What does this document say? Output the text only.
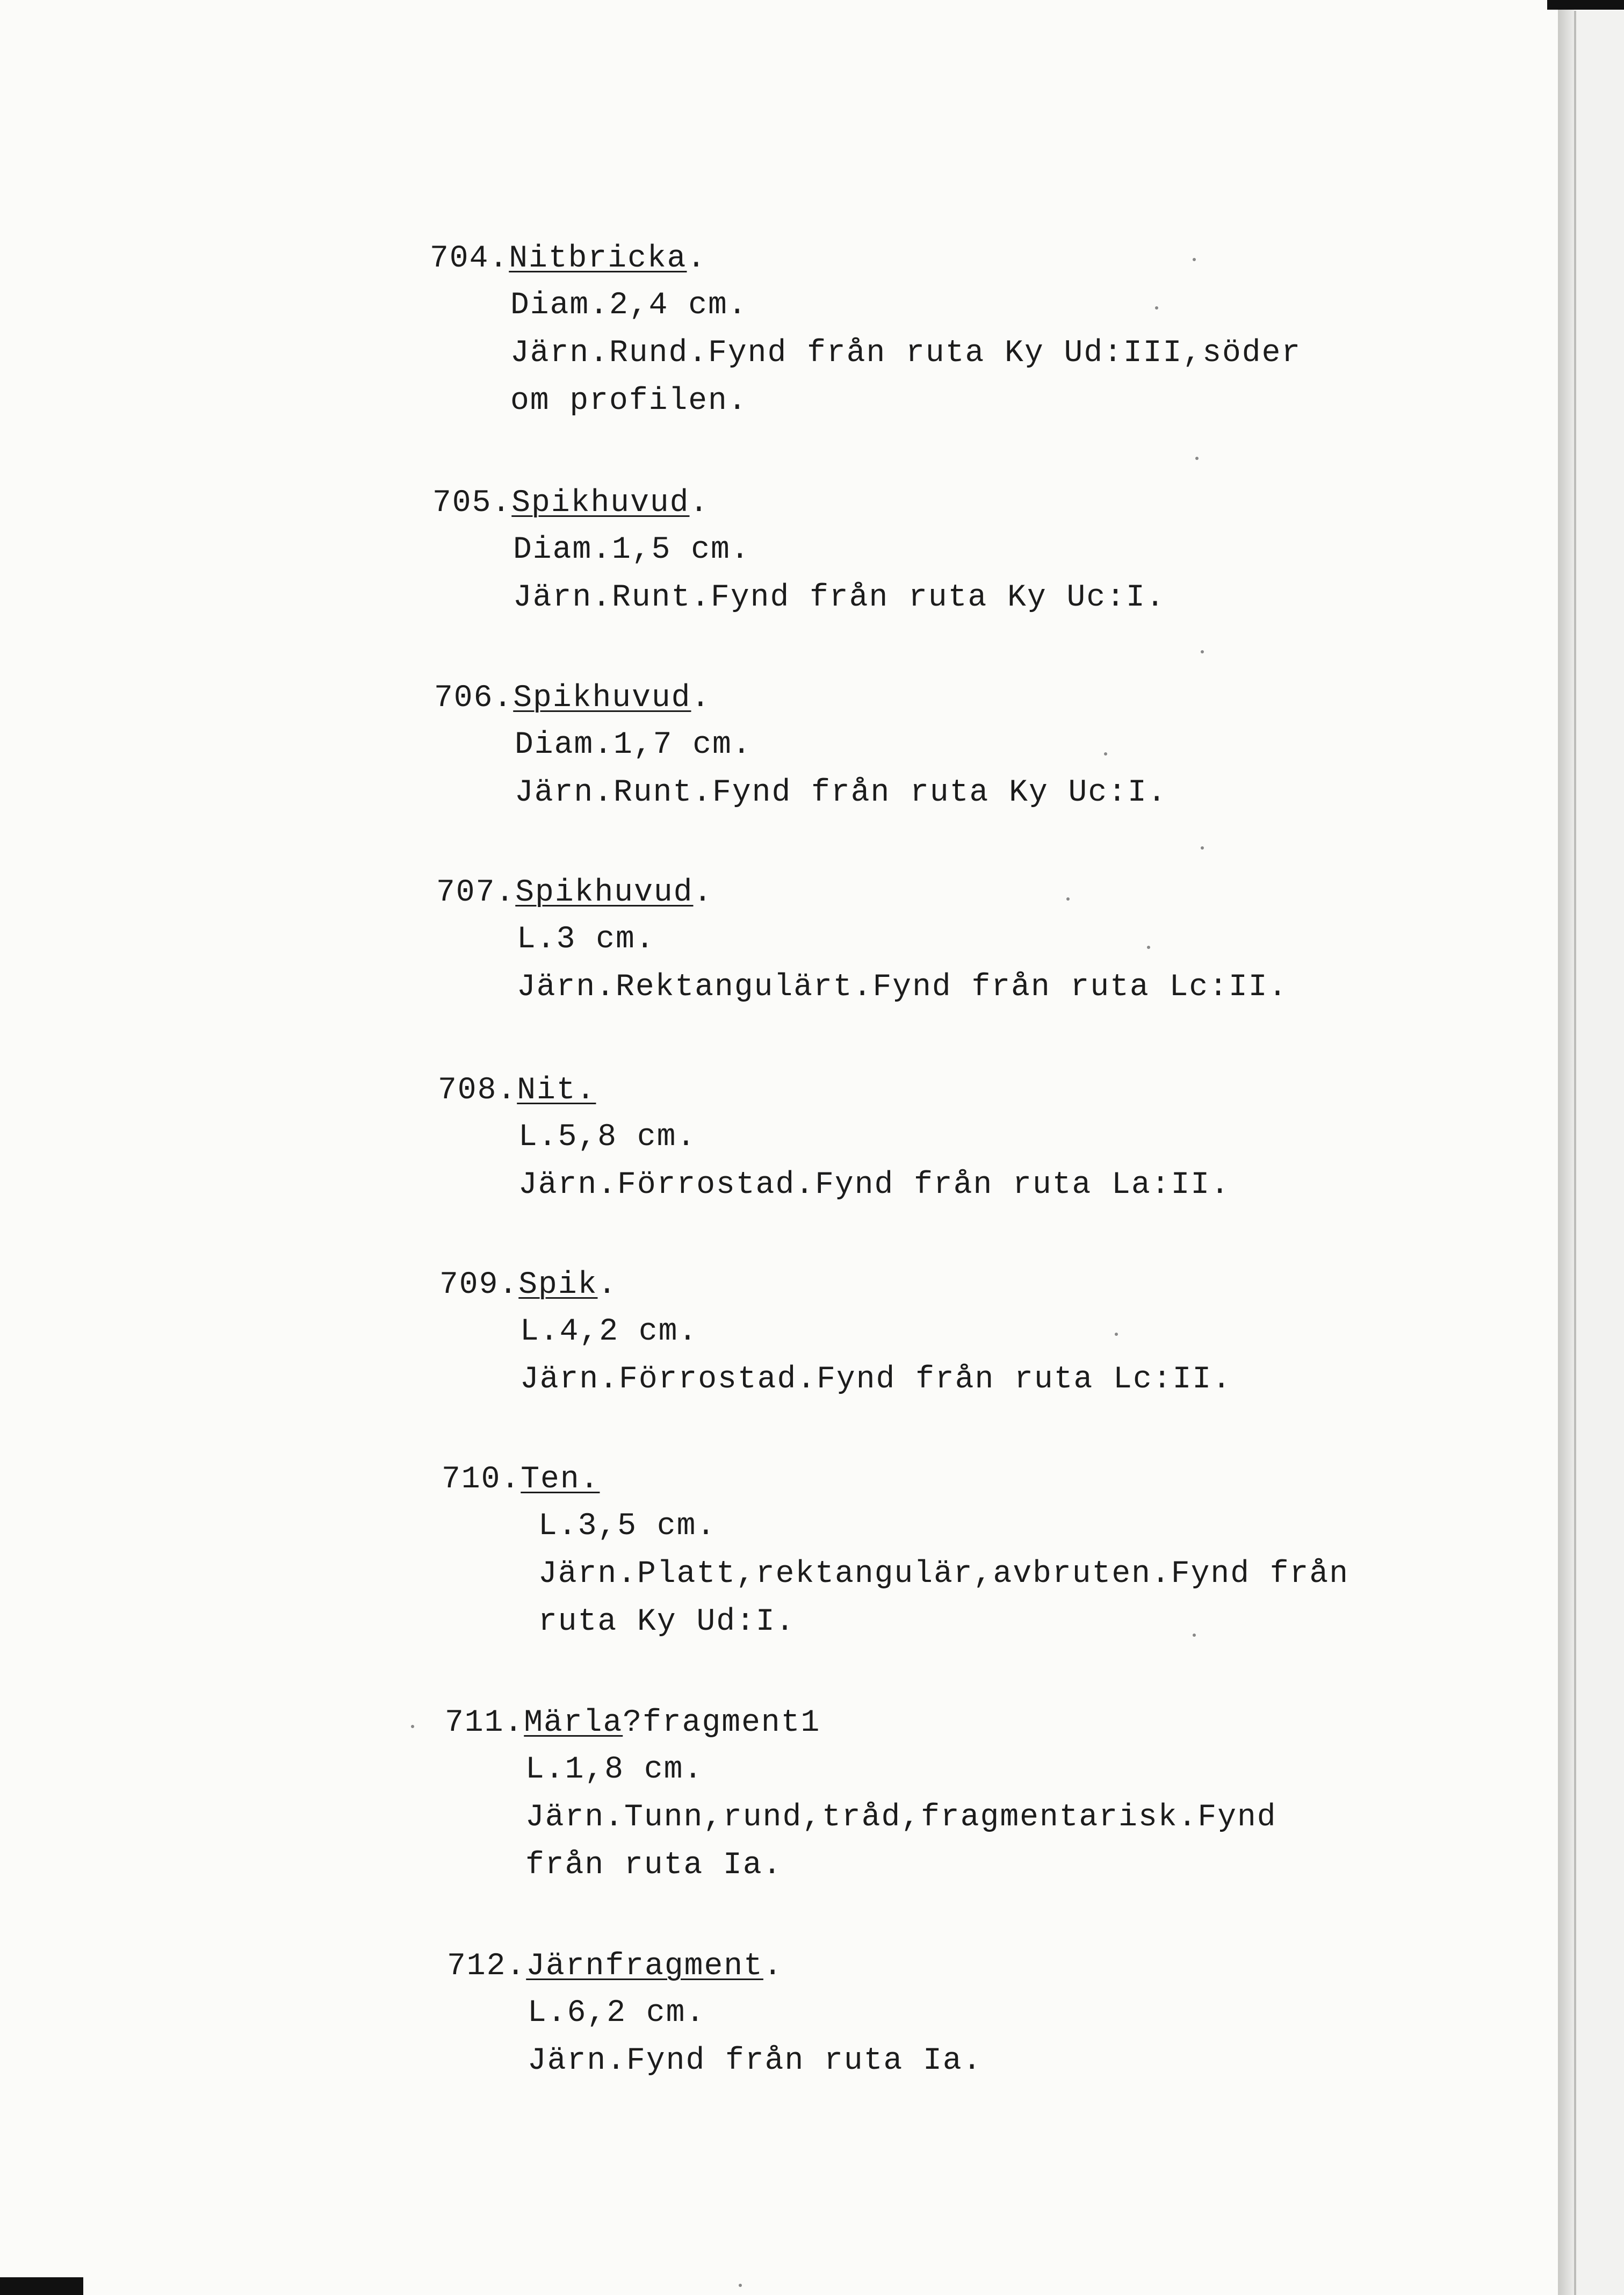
704.Nitbricka.
Diam.2,4 cm.
Järn.Rund.Fynd från ruta Ky Ud:III,söder
om profilen.
705.Spikhuvud.
Diam.1,5 cm.
Järn.Runt.Fynd från ruta Ky Uc:I.
706.Spikhuvud.
Diam.1,7 cm.
Järn.Runt.Fynd från ruta Ky Uc:I.
707.Spikhuvud.
L.3 cm.
Järn.Rektangulärt.Fynd från ruta Lc:II.
708.Nit.
L.5,8 cm.
Järn.Förrostad.Fynd från ruta La:II.
709.Spik.
L.4,2 cm.
Järn.Förrostad.Fynd från ruta Lc:II.
710.Ten.
L.3,5 cm.
Järn.Platt,rektangulär,avbruten.Fynd från
ruta Ky Ud:I.
711.Märla?fragment1
L.1,8 cm.
Järn.Tunn,rund,tråd,fragmentarisk.Fynd
från ruta Ia.
712.Järnfragment.
L.6,2 cm.
Järn.Fynd från ruta Ia.
